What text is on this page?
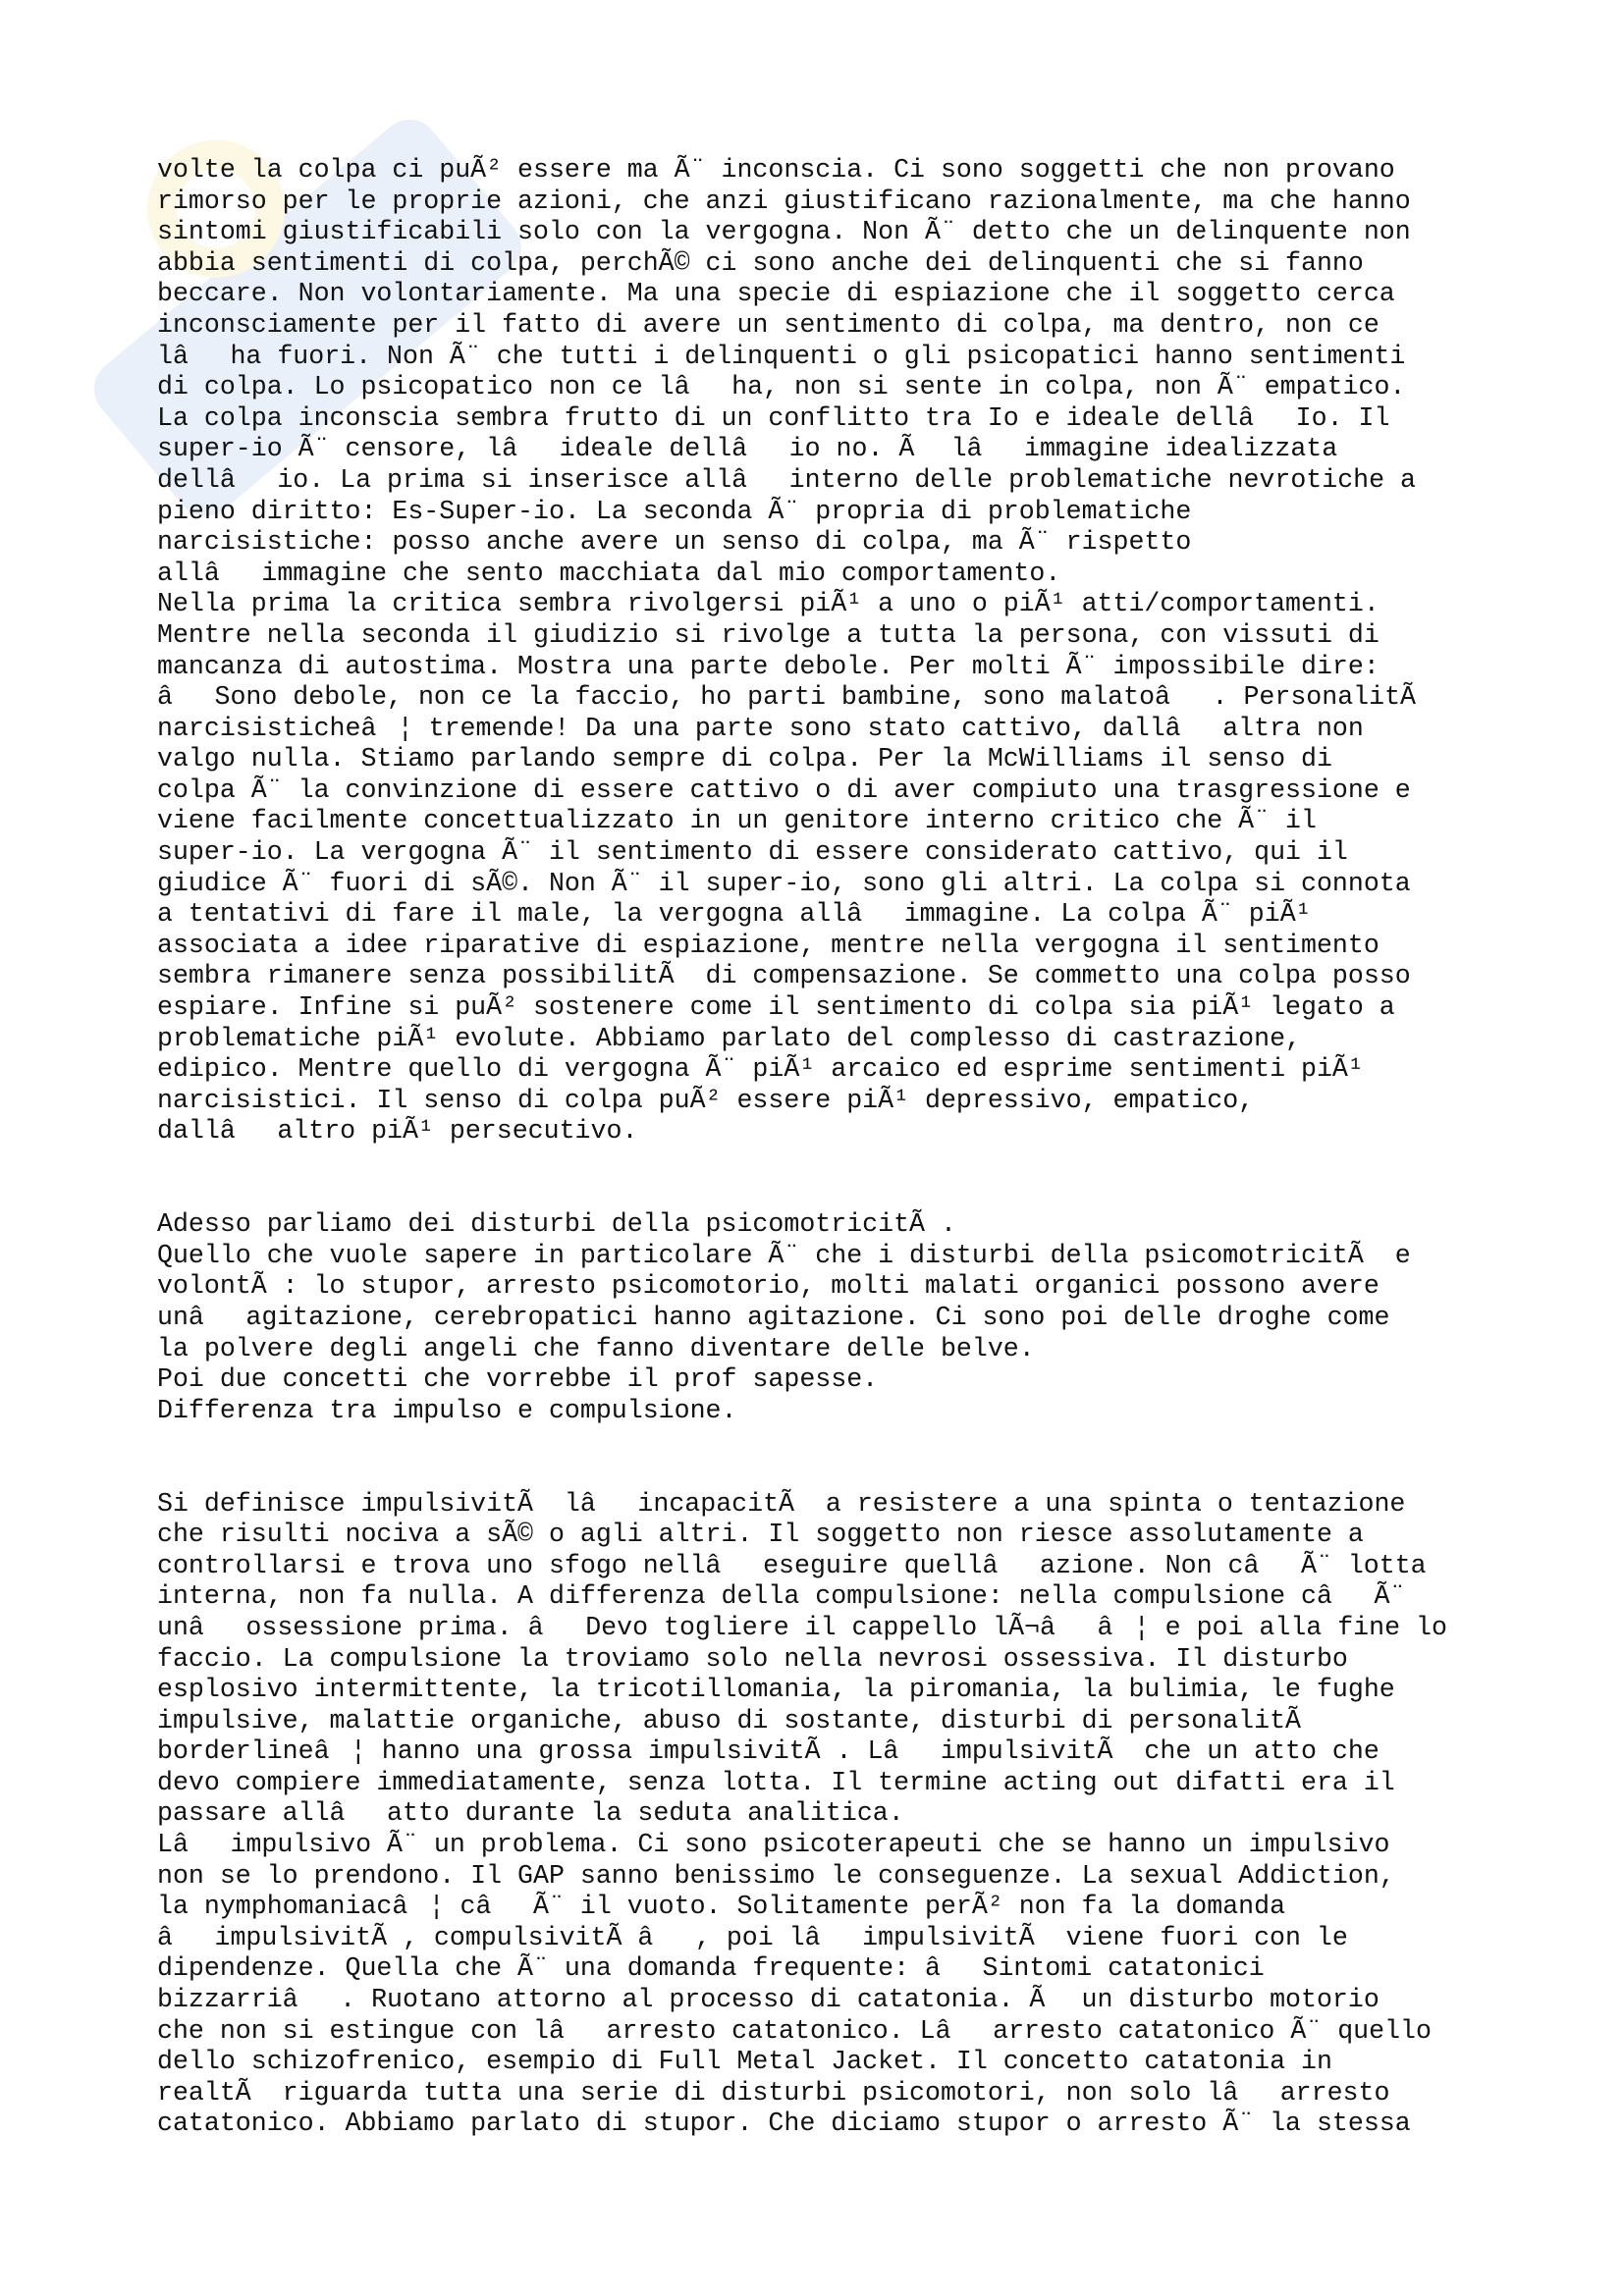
volte la colpa ci puÃ² essere ma Ã¨ inconscia. Ci sono soggetti che non provano
rimorso per le proprie azioni, che anzi giustificano razionalmente, ma che hanno
sintomi giustificabili solo con la vergogna. Non Ã¨ detto che un delinquente non
abbia sentimenti di colpa, perchÃ© ci sono anche dei delinquenti che si fanno
beccare. Non volontariamente. Ma una specie di espiazione che il soggetto cerca
inconsciamente per il fatto di avere un sentimento di colpa, ma dentro, non ce
lâha fuori. Non Ã¨ che tutti i delinquenti o gli psicopatici hanno sentimenti
di colpa. Lo psicopatico non ce lâha, non si sente in colpa, non Ã¨ empatico.
La colpa inconscia sembra frutto di un conflitto tra Io e ideale dellâIo. Il
super-io Ã¨ censore, lâideale dellâio no. Ã lâimmagine idealizzata
dellâio. La prima si inserisce allâinterno delle problematiche nevrotiche a
pieno diritto: Es-Super-io. La seconda Ã¨ propria di problematiche
narcisistiche: posso anche avere un senso di colpa, ma Ã¨ rispetto
allâimmagine che sento macchiata dal mio comportamento.
Nella prima la critica sembra rivolgersi piÃ¹ a uno o piÃ¹ atti/comportamenti.
Mentre nella seconda il giudizio si rivolge a tutta la persona, con vissuti di
mancanza di autostima. Mostra una parte debole. Per molti Ã¨ impossibile dire:
âSono debole, non ce la faccio, ho parti bambine, sono malatoâ. PersonalitÃ
narcisisticheâ¦ tremende! Da una parte sono stato cattivo, dallâaltra non
valgo nulla. Stiamo parlando sempre di colpa. Per la McWilliams il senso di
colpa Ã¨ la convinzione di essere cattivo o di aver compiuto una trasgressione e
viene facilmente concettualizzato in un genitore interno critico che Ã¨ il
super-io. La vergogna Ã¨ il sentimento di essere considerato cattivo, qui il
giudice Ã¨ fuori di sÃ©. Non Ã¨ il super-io, sono gli altri. La colpa si connota
a tentativi di fare il male, la vergogna allâimmagine. La colpa Ã¨ piÃ¹
associata a idee riparative di espiazione, mentre nella vergogna il sentimento
sembra rimanere senza possibilitÃ  di compensazione. Se commetto una colpa posso
espiare. Infine si puÃ² sostenere come il sentimento di colpa sia piÃ¹ legato a
problematiche piÃ¹ evolute. Abbiamo parlato del complesso di castrazione,
edipico. Mentre quello di vergogna Ã¨ piÃ¹ arcaico ed esprime sentimenti piÃ¹
narcisistici. Il senso di colpa puÃ² essere piÃ¹ depressivo, empatico,
dallâaltro piÃ¹ persecutivo.

Adesso parliamo dei disturbi della psicomotricitÃ .
Quello che vuole sapere in particolare Ã¨ che i disturbi della psicomotricitÃ  e
volontÃ : lo stupor, arresto psicomotorio, molti malati organici possono avere
unâagitazione, cerebropatici hanno agitazione. Ci sono poi delle droghe come
la polvere degli angeli che fanno diventare delle belve.
Poi due concetti che vorrebbe il prof sapesse.
Differenza tra impulso e compulsione.

Si definisce impulsivitÃ  lâincapacitÃ  a resistere a una spinta o tentazione
che risulti nociva a sÃ© o agli altri. Il soggetto non riesce assolutamente a
controllarsi e trova uno sfogo nellâeseguire quellâazione. Non câÃ¨ lotta
interna, non fa nulla. A differenza della compulsione: nella compulsione câÃ¨
unâossessione prima. âDevo togliere il cappello lÃ¬ââ¦ e poi alla fine lo
faccio. La compulsione la troviamo solo nella nevrosi ossessiva. Il disturbo
esplosivo intermittente, la tricotillomania, la piromania, la bulimia, le fughe
impulsive, malattie organiche, abuso di sostante, disturbi di personalitÃ
borderlineâ¦ hanno una grossa impulsivitÃ . LâimpulsivitÃ  che un atto che
devo compiere immediatamente, senza lotta. Il termine acting out difatti era il
passare allâatto durante la seduta analitica.
Lâimpulsivo Ã¨ un problema. Ci sono psicoterapeuti che se hanno un impulsivo
non se lo prendono. Il GAP sanno benissimo le conseguenze. La sexual Addiction,
la nymphomaniacâ¦ câÃ¨ il vuoto. Solitamente perÃ² non fa la domanda
âimpulsivitÃ , compulsivitÃ â, poi lâimpulsivitÃ  viene fuori con le
dipendenze. Quella che Ã¨ una domanda frequente: âSintomi catatonici
bizzarriâ. Ruotano attorno al processo di catatonia. Ã un disturbo motorio
che non si estingue con lâarresto catatonico. Lâarresto catatonico Ã¨ quello
dello schizofrenico, esempio di Full Metal Jacket. Il concetto catatonia in
realtÃ  riguarda tutta una serie di disturbi psicomotori, non solo lâarresto
catatonico. Abbiamo parlato di stupor. Che diciamo stupor o arresto Ã¨ la stessa
